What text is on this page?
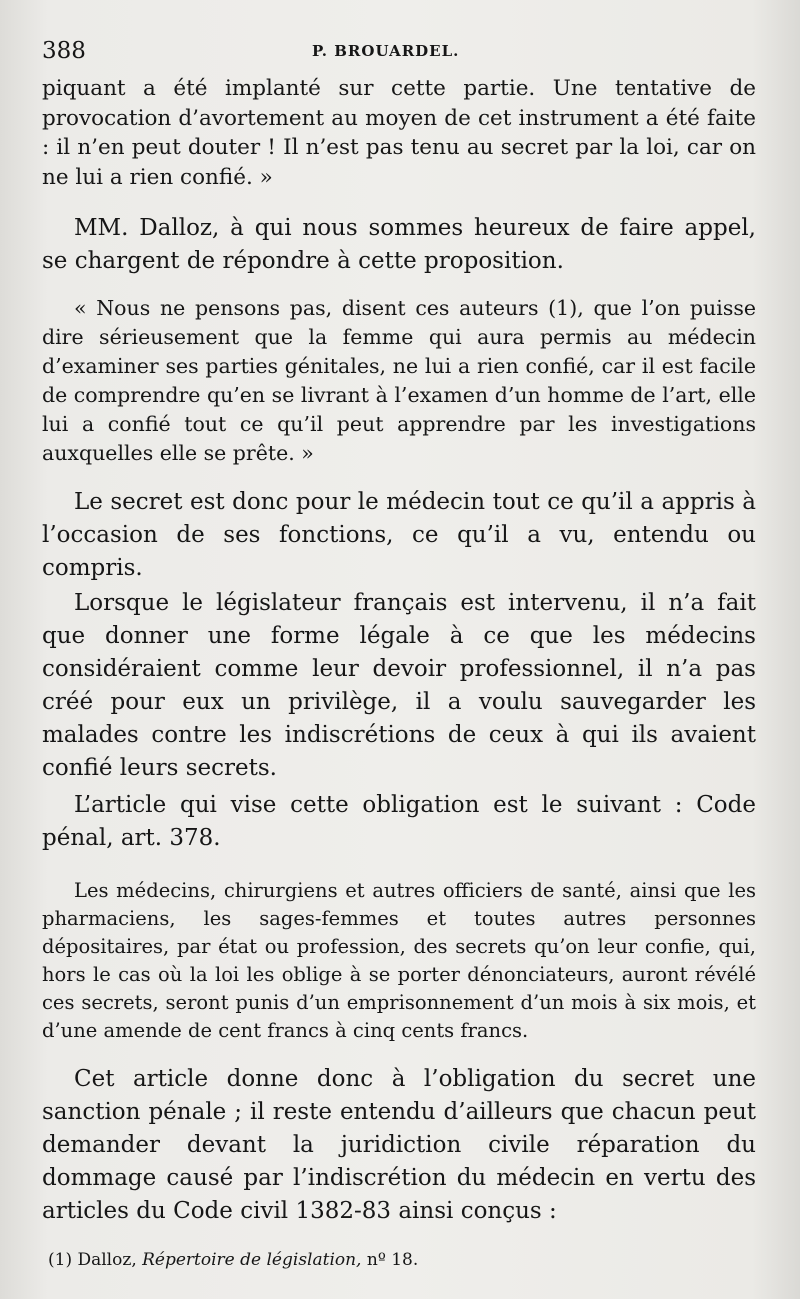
388	P. BROUARDEL.

piquant a été implanté sur cette partie. Une tentative de provocation d’avortement au moyen de cet instrument a été faite : il n’en peut douter ! Il n’est pas tenu au secret par la loi, car on ne lui a rien confié. »

MM. Dalloz, à qui nous sommes heureux de faire appel, se chargent de répondre à cette proposition.

« Nous ne pensons pas, disent ces auteurs (1), que l’on puisse dire sérieusement que la femme qui aura permis au médecin d’examiner ses parties génitales, ne lui a rien confié, car il est facile de comprendre qu’en se livrant à l’examen d’un homme de l’art, elle lui a confié tout ce qu’il peut apprendre par les investigations auxquelles elle se prête. »

Le secret est donc pour le médecin tout ce qu’il a appris à l’occasion de ses fonctions, ce qu’il a vu, entendu ou compris.

Lorsque le législateur français est intervenu, il n’a fait que donner une forme légale à ce que les médecins considéraient comme leur devoir professionnel, il n’a pas créé pour eux un privilège, il a voulu sauvegarder les malades contre les indiscrétions de ceux à qui ils avaient confié leurs secrets.

L’article qui vise cette obligation est le suivant : Code pénal, art. 378.

Les médecins, chirurgiens et autres officiers de santé, ainsi que les pharmaciens, les sages-femmes et toutes autres personnes dépositaires, par état ou profession, des secrets qu’on leur confie, qui, hors le cas où la loi les oblige à se porter dénonciateurs, auront révélé ces secrets, seront punis d’un emprisonnement d’un mois à six mois, et d’une amende de cent francs à cinq cents francs.

Cet article donne donc à l’obligation du secret une sanction pénale ; il reste entendu d’ailleurs que chacun peut demander devant la juridiction civile réparation du dommage causé par l’indiscrétion du médecin en vertu des articles du Code civil 1382-83 ainsi conçus :

(1) Dalloz, Répertoire de législation, nº 18.
